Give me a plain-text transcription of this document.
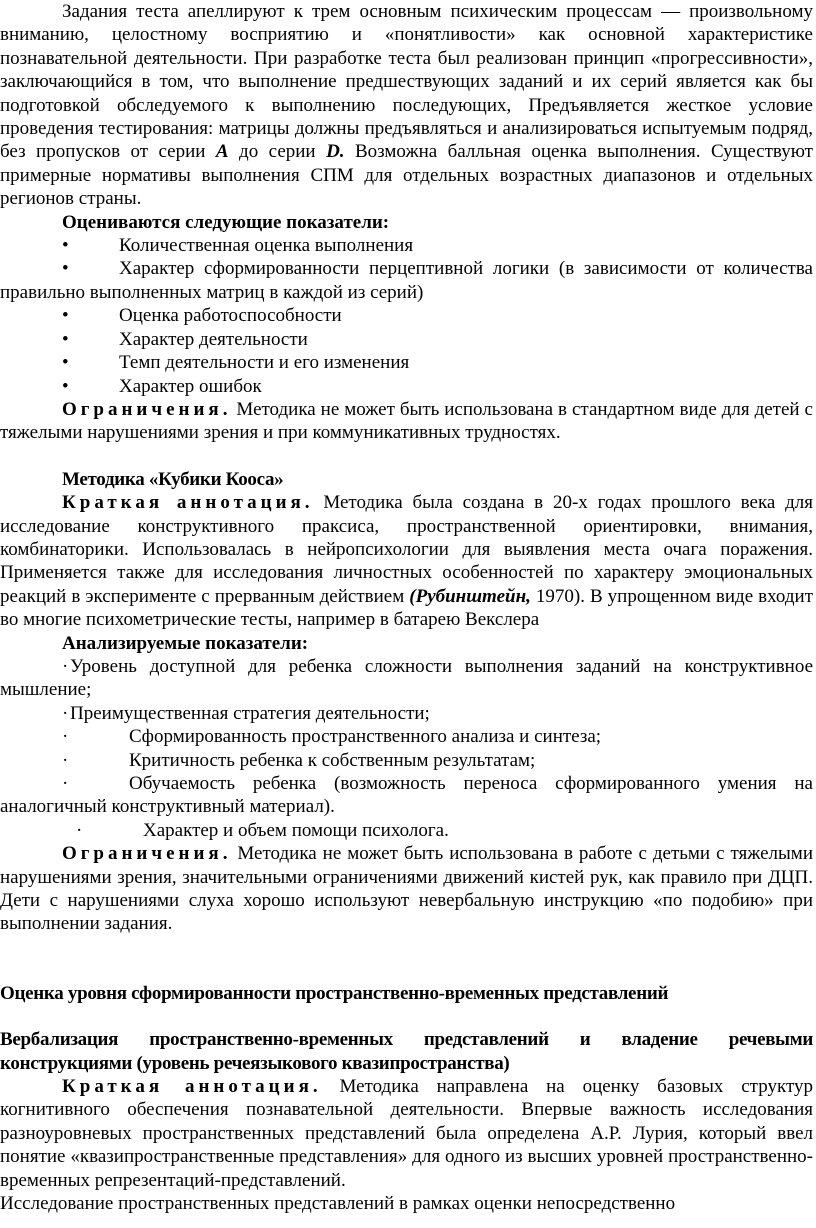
Задания теста апеллируют к трем основным психическим процессам — произвольному вниманию, целостному восприятию и «понятливости» как основной характеристике познавательной деятельности. При разработке теста был реализован принцип «прогрессивности», заключающийся в том, что выполнение предшествующих заданий и их серий является как бы подготовкой обследуемого к выполнению последующих, Предъявляется жесткое условие проведения тестирования: матрицы должны предъявляться и анализироваться испытуемым подряд, без пропусков от серии А до серии D. Возможна балльная оценка выполнения. Существуют примерные нормативы выполнения СПМ для отдельных возрастных диапазонов и отдельных регионов страны.

Оцениваются следующие показатели:

•	Количественная оценка выполнения

•	Характер сформированности перцептивной логики (в зависимости от количества правильно выполненных матриц в каждой из серий)

•	Оценка работоспособности

•	Характер деятельности

•	Темп деятельности и его изменения

•	Характер ошибок

Ограничения. Методика не может быть использована в стандартном виде для детей с тяжелыми нарушениями зрения и при коммуникативных трудностях.

Методика «Кубики Кооса»

Краткая аннотация. Методика была создана в 20-х годах прошлого века для исследование конструктивного праксиса, пространственной ориентировки, внимания, комбинаторики. Использовалась в нейропсихологии для выявления места очага поражения. Применяется также для исследования личностных особенностей по характеру эмоциональных реакций в эксперименте с прерванным действием (Рубинштейн, 1970). В упрощенном виде входит во многие психометрические тесты, например в батарею Векслера

Анализируемые показатели:

·Уровень доступной для ребенка сложности выполнения заданий на конструктивное мышление;

·Преимущественная стратегия деятельности;

·	Сформированность пространственного анализа и синтеза;

·	Критичность ребенка к собственным результатам;

·	Обучаемость ребенка (возможность переноса сформированного умения на аналогичный конструктивный материал).

·	Характер и объем помощи психолога.

Ограничения. Методика не может быть использована в работе с детьми с тяжелыми нарушениями зрения, значительными ограничениями движений кистей рук, как правило при ДЦП. Дети с нарушениями слуха хорошо используют невербальную инструкцию «по подобию» при выполнении задания.

Оценка уровня сформированности пространственно-временных представлений

Вербализация пространственно-временных представлений и владение речевыми конструкциями (уровень речеязыкового квазипространства)

Краткая аннотация. Методика направлена на оценку базовых структур когнитивного обеспечения познавательной деятельности. Впервые важность исследования разноуровневых пространственных представлений была определена А.Р. Лурия, который ввел понятие «квазипространственные представления» для одного из высших уровней пространственно-временных репрезентаций-представлений.

Исследование пространственных представлений в рамках оценки непосредственно
